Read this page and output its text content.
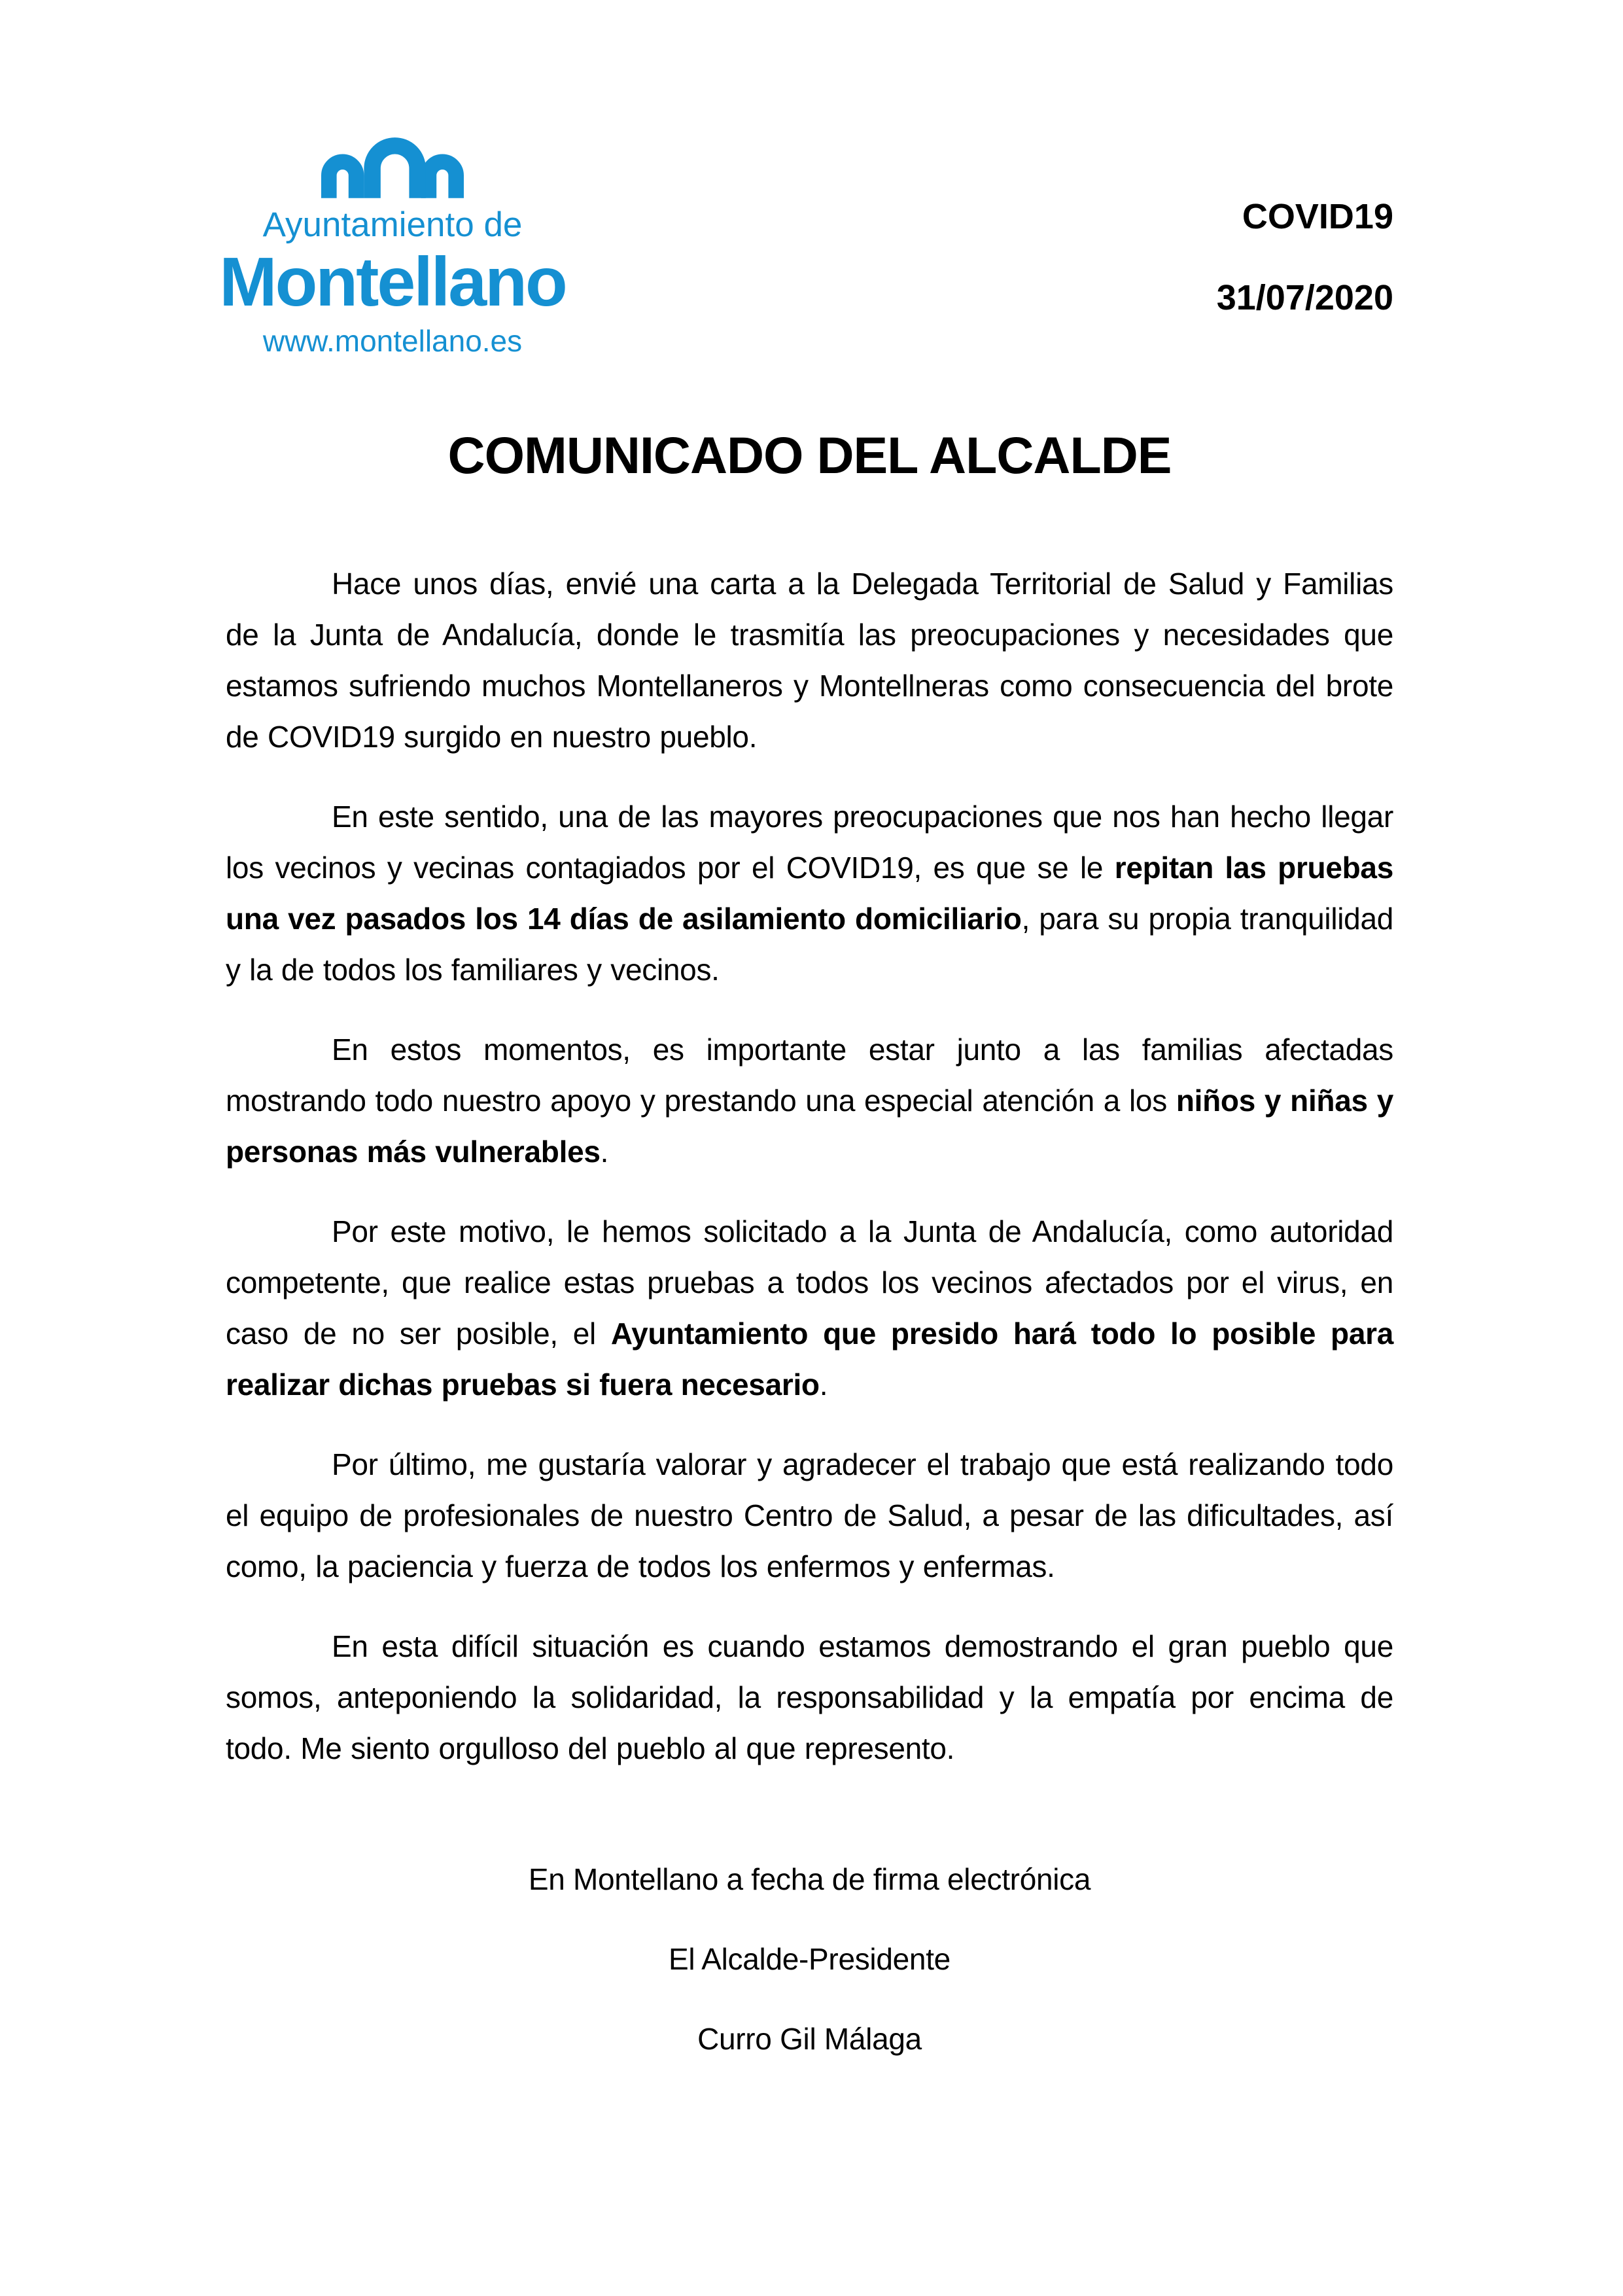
Ayuntamiento de
Montellano
www.montellano.es
COVID19
31/07/2020
COMUNICADO DEL ALCALDE

Hace unos días, envié una carta a la Delegada Territorial de Salud y Familias de la Junta de Andalucía, donde le trasmitía las preocupaciones y necesidades que estamos sufriendo muchos Montellaneros y Montellneras como consecuencia del brote de COVID19 surgido en nuestro pueblo.

En este sentido, una de las mayores preocupaciones que nos han hecho llegar los vecinos y vecinas contagiados por el COVID19, es que se le repitan las pruebas una vez pasados los 14 días de asilamiento domiciliario, para su propia tranquilidad y la de todos los familiares y vecinos.

En estos momentos, es importante estar junto a las familias afectadas mostrando todo nuestro apoyo y prestando una especial atención a los niños y niñas y personas más vulnerables.

Por este motivo, le hemos solicitado a la Junta de Andalucía, como autoridad competente, que realice estas pruebas a todos los vecinos afectados por el virus, en caso de no ser posible, el Ayuntamiento que presido hará todo lo posible para realizar dichas pruebas si fuera necesario.

Por último, me gustaría valorar y agradecer el trabajo que está realizando todo el equipo de profesionales de nuestro Centro de Salud, a pesar de las dificultades, así como, la paciencia y fuerza de todos los enfermos y enfermas.

En esta difícil situación es cuando estamos demostrando el gran pueblo que somos, anteponiendo la solidaridad, la responsabilidad y la empatía por encima de todo. Me siento orgulloso del pueblo al que represento.

En Montellano a fecha de firma electrónica

El Alcalde-Presidente

Curro Gil Málaga
